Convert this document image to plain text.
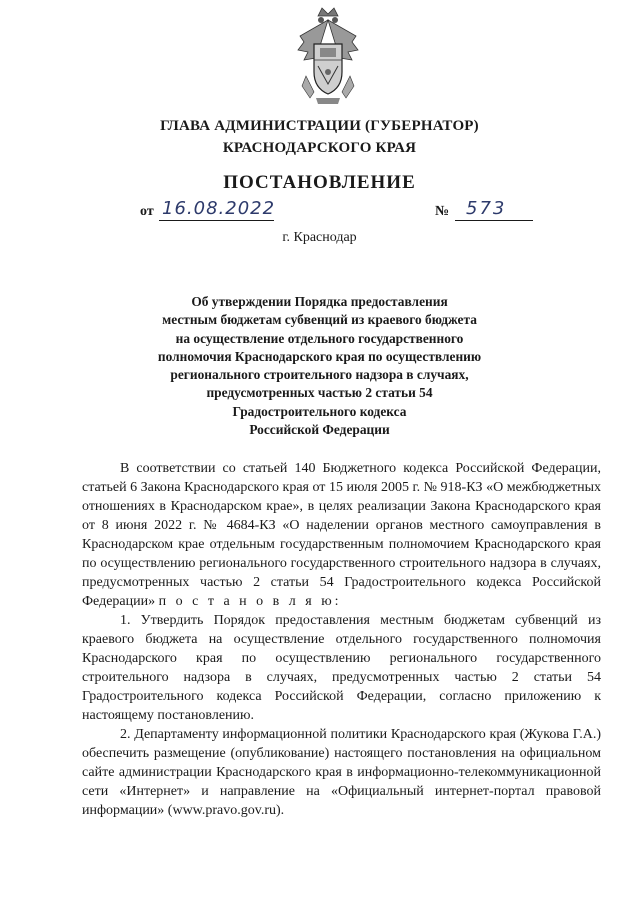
ГЛАВА АДМИНИСТРАЦИИ (ГУБЕРНАТОР)
КРАСНОДАРСКОГО КРАЯ
ПОСТАНОВЛЕНИЕ
от 16.08.2022	№ 573
г. Краснодар
Об утверждении Порядка предоставления
местным бюджетам субвенций из краевого бюджета
на осуществление отдельного государственного
полномочия Краснодарского края по осуществлению
регионального строительного надзора в случаях,
предусмотренных частью 2 статьи 54
Градостроительного кодекса
Российской Федерации

В соответствии со статьей 140 Бюджетного кодекса Российской Федерации, статьей 6 Закона Краснодарского края от 15 июля 2005 г. № 918-КЗ «О межбюджетных отношениях в Краснодарском крае», в целях реализации Закона Краснодарского края от 8 июня 2022 г. № 4684-КЗ «О наделении органов местного самоуправления в Краснодарском крае отдельным государственным полномочием Краснодарского края по осуществлению регионального государственного строительного надзора в случаях, предусмотренных частью 2 статьи 54 Градостроительного кодекса Российской Федерации» п о с т а н о в л я ю:

1. Утвердить Порядок предоставления местным бюджетам субвенций из краевого бюджета на осуществление отдельного государственного полномочия Краснодарского края по осуществлению регионального государственного строительного надзора в случаях, предусмотренных частью 2 статьи 54 Градостроительного кодекса Российской Федерации, согласно приложению к настоящему постановлению.

2. Департаменту информационной политики Краснодарского края (Жукова Г.А.) обеспечить размещение (опубликование) настоящего постановления на официальном сайте администрации Краснодарского края в информационно-телекоммуникационной сети «Интернет» и направление на «Официальный интернет-портал правовой информации» (www.pravo.gov.ru).
